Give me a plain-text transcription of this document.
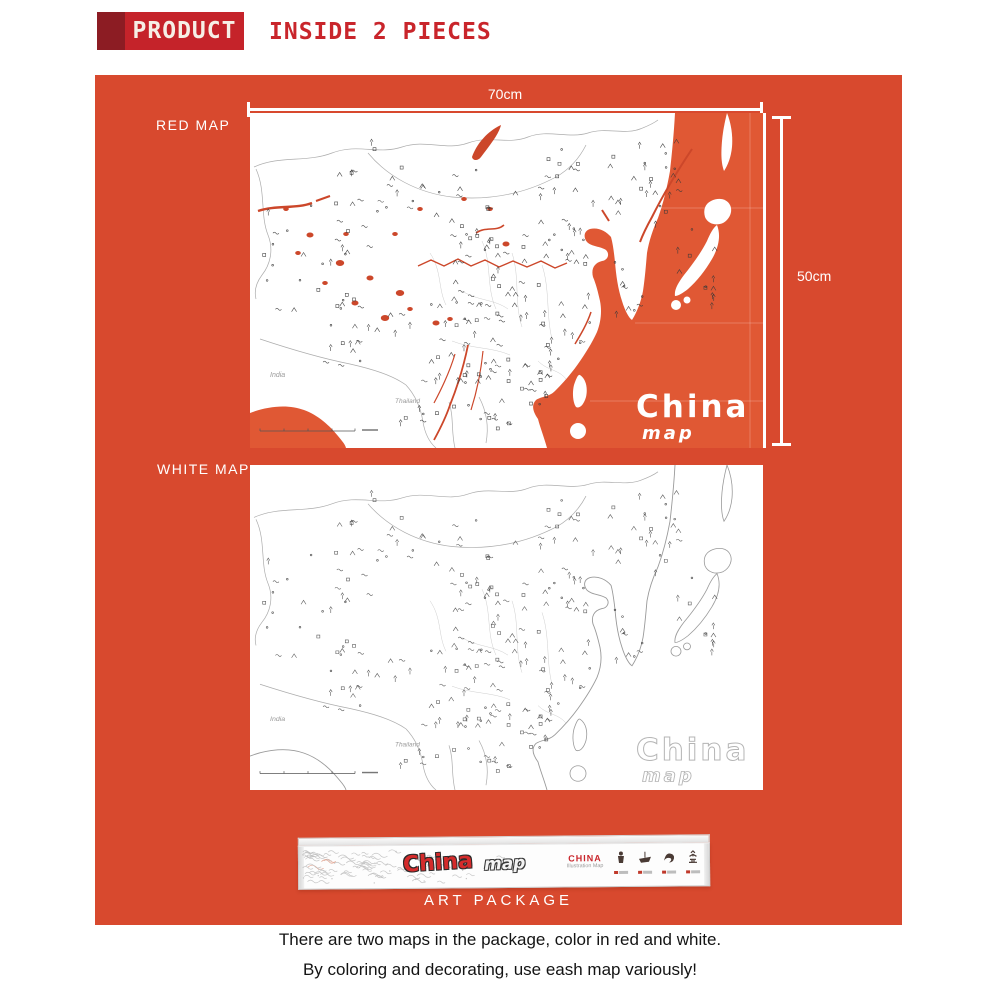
PRODUCT INSIDE 2 PIECES
70cm
50cm
RED MAP
WHITE MAP
India
Thailand	China
map
India
Thailand	China
map
China map	CHINA
Illustration Map
ART PACKAGE
There are two maps in the package, color in red and white.
By coloring and decorating, use eash map variously!
